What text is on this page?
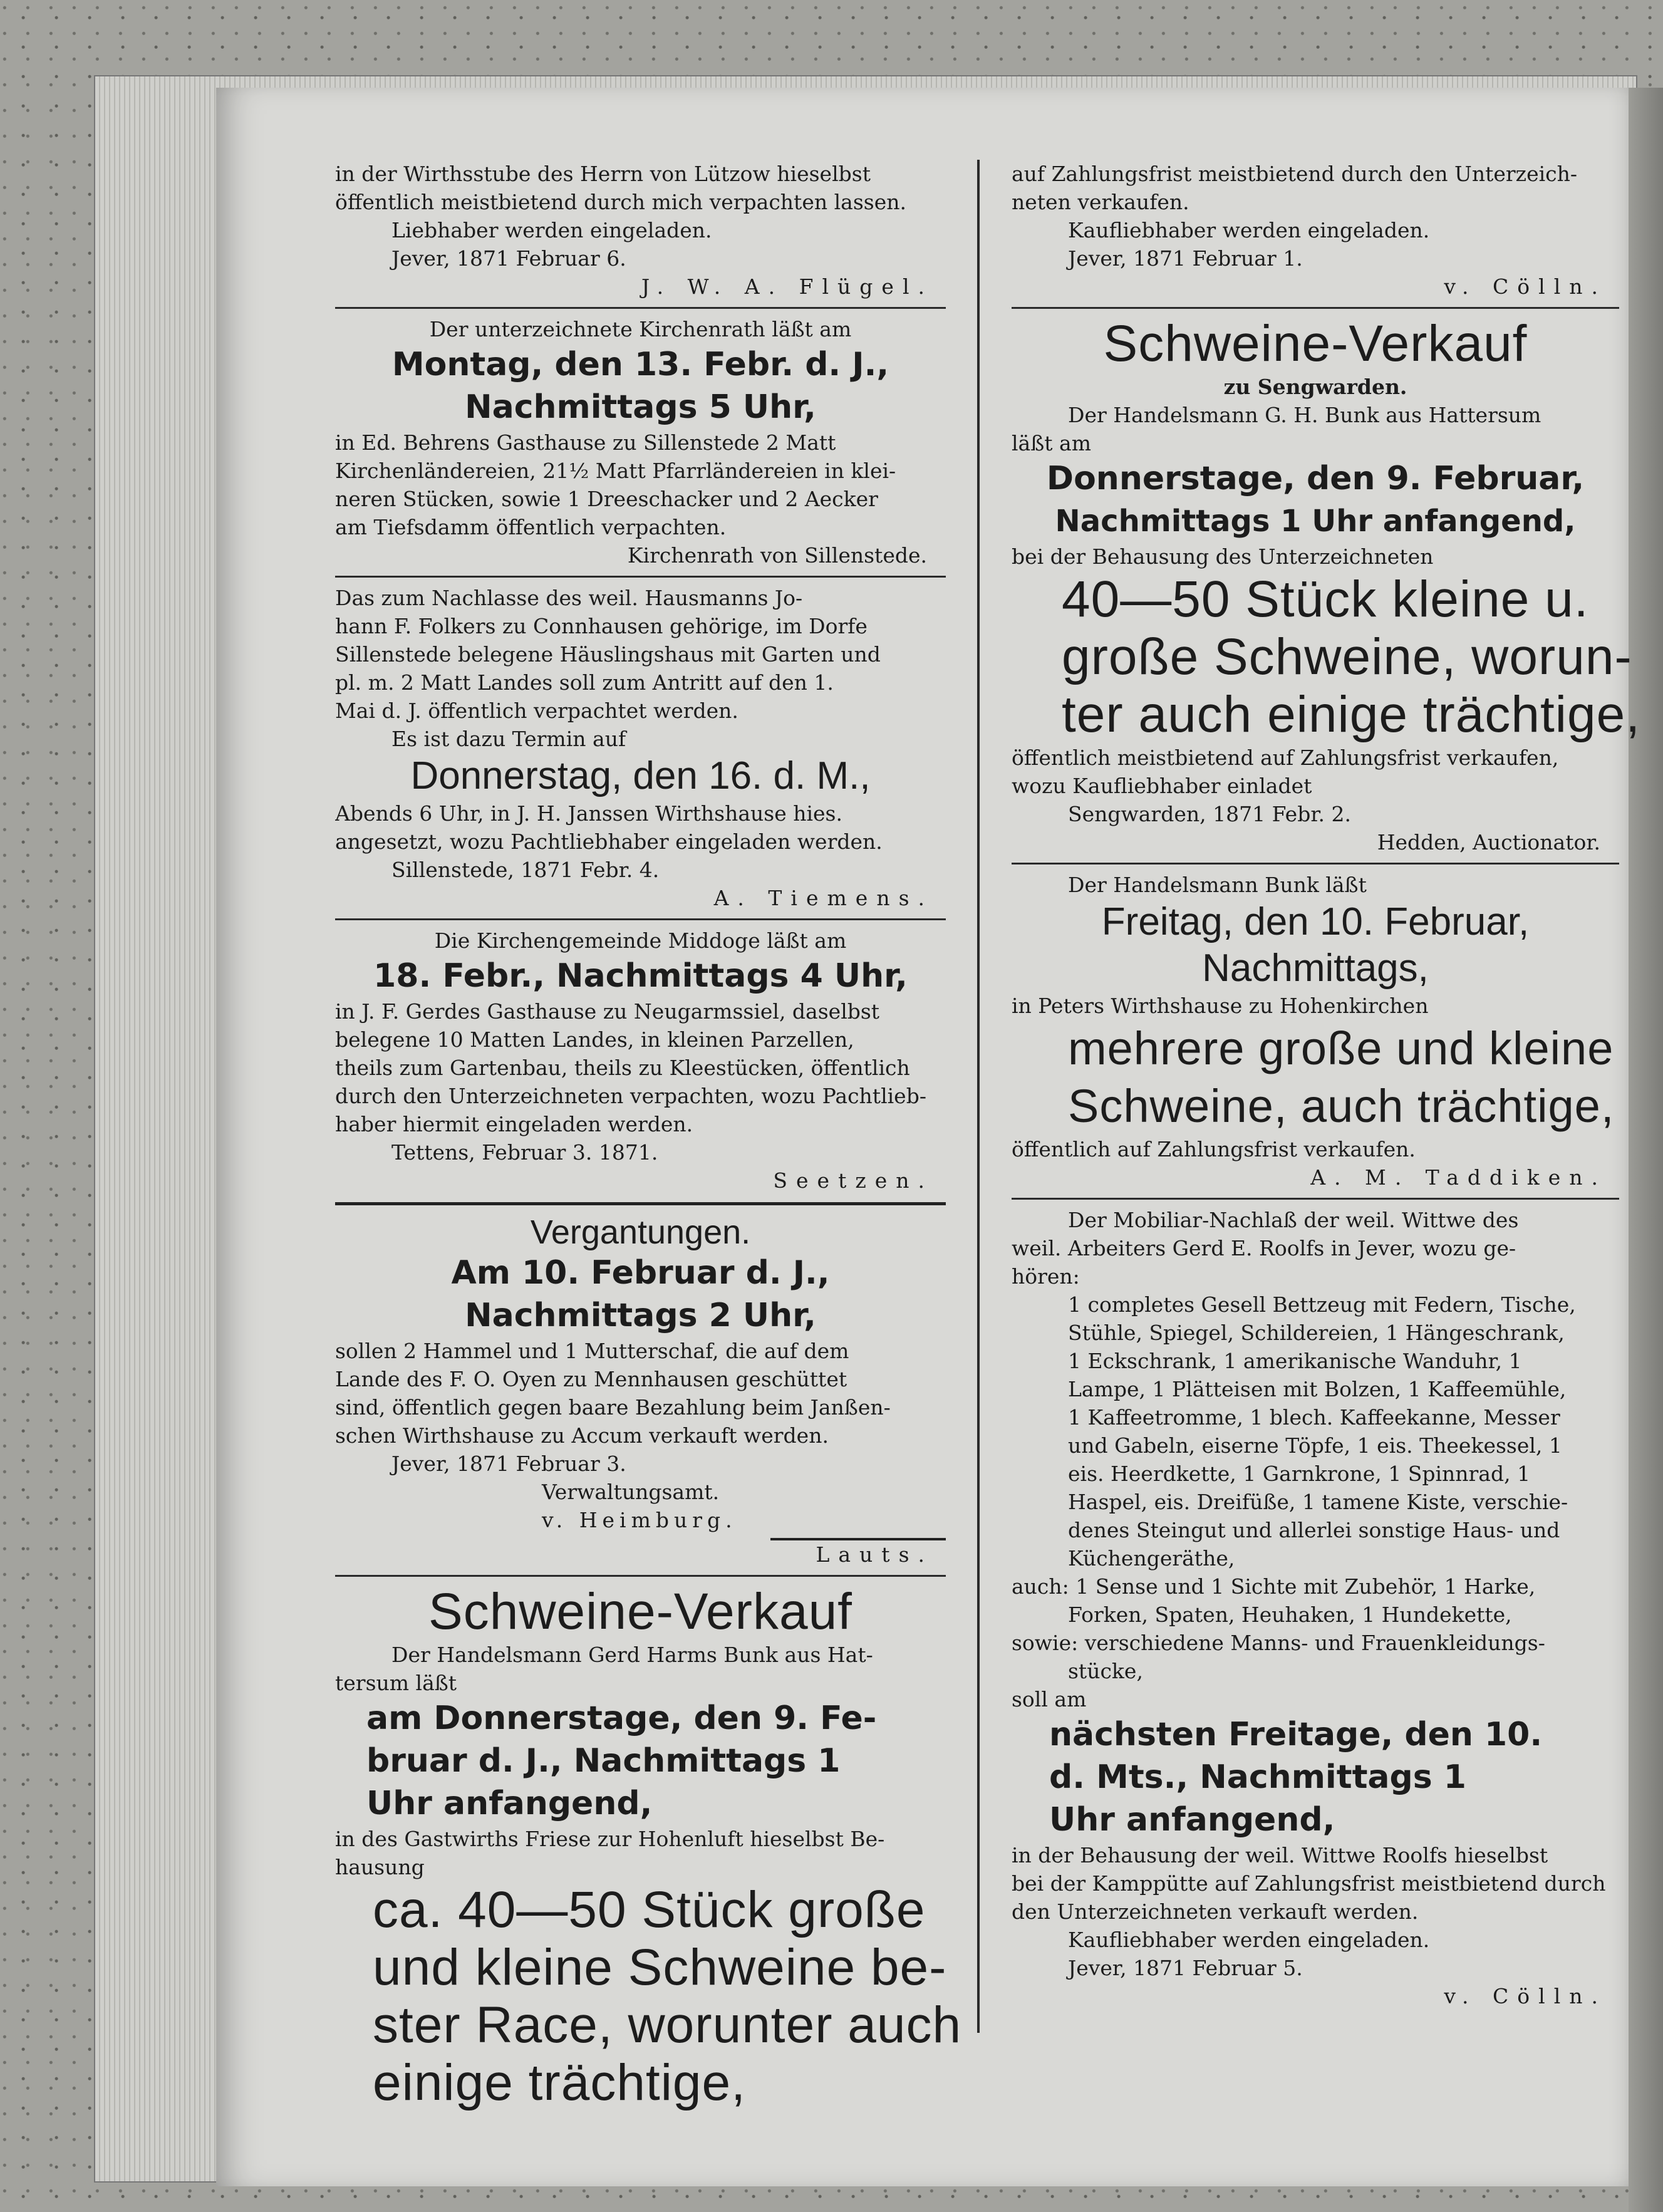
in der Wirthsstube des Herrn von Lützow hieselbst
öffentlich meistbietend durch mich verpachten lassen.
Liebhaber werden eingeladen.
Jever, 1871 Februar 6.
J. W. A. Flügel.
Der unterzeichnete Kirchenrath läßt am
Montag, den 13. Febr. d. J.,
Nachmittags 5 Uhr,
in Ed. Behrens Gasthause zu Sillenstede 2 Matt
Kirchenländereien, 21½ Matt Pfarrländereien in klei-
neren Stücken, sowie 1 Dreeschacker und 2 Aecker
am Tiefsdamm öffentlich verpachten.
Kirchenrath von Sillenstede.
Das zum Nachlasse des weil. Hausmanns Jo-
hann F. Folkers zu Connhausen gehörige, im Dorfe
Sillenstede belegene Häuslingshaus mit Garten und
pl. m. 2 Matt Landes soll zum Antritt auf den 1.
Mai d. J. öffentlich verpachtet werden.
Es ist dazu Termin auf
Donnerstag, den 16. d. M.,
Abends 6 Uhr, in J. H. Janssen Wirthshause hies.
angesetzt, wozu Pachtliebhaber eingeladen werden.
Sillenstede, 1871 Febr. 4.
A. Tiemens.
Die Kirchengemeinde Middoge läßt am
18. Febr., Nachmittags 4 Uhr,
in J. F. Gerdes Gasthause zu Neugarmssiel, daselbst
belegene 10 Matten Landes, in kleinen Parzellen,
theils zum Gartenbau, theils zu Kleestücken, öffentlich
durch den Unterzeichneten verpachten, wozu Pachtlieb-
haber hiermit eingeladen werden.
Tettens, Februar 3. 1871.
Seetzen.
Vergantungen.
Am 10. Februar d. J.,
Nachmittags 2 Uhr,
sollen 2 Hammel und 1 Mutterschaf, die auf dem
Lande des F. O. Oyen zu Mennhausen geschüttet
sind, öffentlich gegen baare Bezahlung beim Janßen-
schen Wirthshause zu Accum verkauft werden.
Jever, 1871 Februar 3.
Verwaltungsamt.
v. Heimburg.
Lauts.
Schweine-Verkauf
Der Handelsmann Gerd Harms Bunk aus Hat-
tersum läßt
am Donnerstage, den 9. Fe-
bruar d. J., Nachmittags 1
Uhr anfangend,
in des Gastwirths Friese zur Hohenluft hieselbst Be-
hausung
ca. 40—50 Stück große
und kleine Schweine be-
ster Race, worunter auch
einige trächtige,
auf Zahlungsfrist meistbietend durch den Unterzeich-
neten verkaufen.
Kaufliebhaber werden eingeladen.
Jever, 1871 Februar 1.
v. Cölln.
Schweine-Verkauf
zu Sengwarden.
Der Handelsmann G. H. Bunk aus Hattersum
läßt am
Donnerstage, den 9. Februar,
Nachmittags 1 Uhr anfangend,
bei der Behausung des Unterzeichneten
40—50 Stück kleine u.
große Schweine, worun-
ter auch einige trächtige,
öffentlich meistbietend auf Zahlungsfrist verkaufen,
wozu Kaufliebhaber einladet
Sengwarden, 1871 Febr. 2.
Hedden, Auctionator.
Der Handelsmann Bunk läßt
Freitag, den 10. Februar,
Nachmittags,
in Peters Wirthshause zu Hohenkirchen
mehrere große und kleine
Schweine, auch trächtige,
öffentlich auf Zahlungsfrist verkaufen.
A. M. Taddiken.
Der Mobiliar-Nachlaß der weil. Wittwe des
weil. Arbeiters Gerd E. Roolfs in Jever, wozu ge-
hören:
1 completes Gesell Bettzeug mit Federn, Tische,
Stühle, Spiegel, Schildereien, 1 Hängeschrank,
1 Eckschrank, 1 amerikanische Wanduhr, 1
Lampe, 1 Plätteisen mit Bolzen, 1 Kaffeemühle,
1 Kaffeetromme, 1 blech. Kaffeekanne, Messer
und Gabeln, eiserne Töpfe, 1 eis. Theekessel, 1
eis. Heerdkette, 1 Garnkrone, 1 Spinnrad, 1
Haspel, eis. Dreifüße, 1 tamene Kiste, verschie-
denes Steingut und allerlei sonstige Haus- und
Küchengeräthe,
auch: 1 Sense und 1 Sichte mit Zubehör, 1 Harke,
Forken, Spaten, Heuhaken, 1 Hundekette,
sowie: verschiedene Manns- und Frauenkleidungs-
stücke,
soll am
nächsten Freitage, den 10.
d. Mts., Nachmittags 1
Uhr anfangend,
in der Behausung der weil. Wittwe Roolfs hieselbst
bei der Kamppütte auf Zahlungsfrist meistbietend durch
den Unterzeichneten verkauft werden.
Kaufliebhaber werden eingeladen.
Jever, 1871 Februar 5.
v. Cölln.
